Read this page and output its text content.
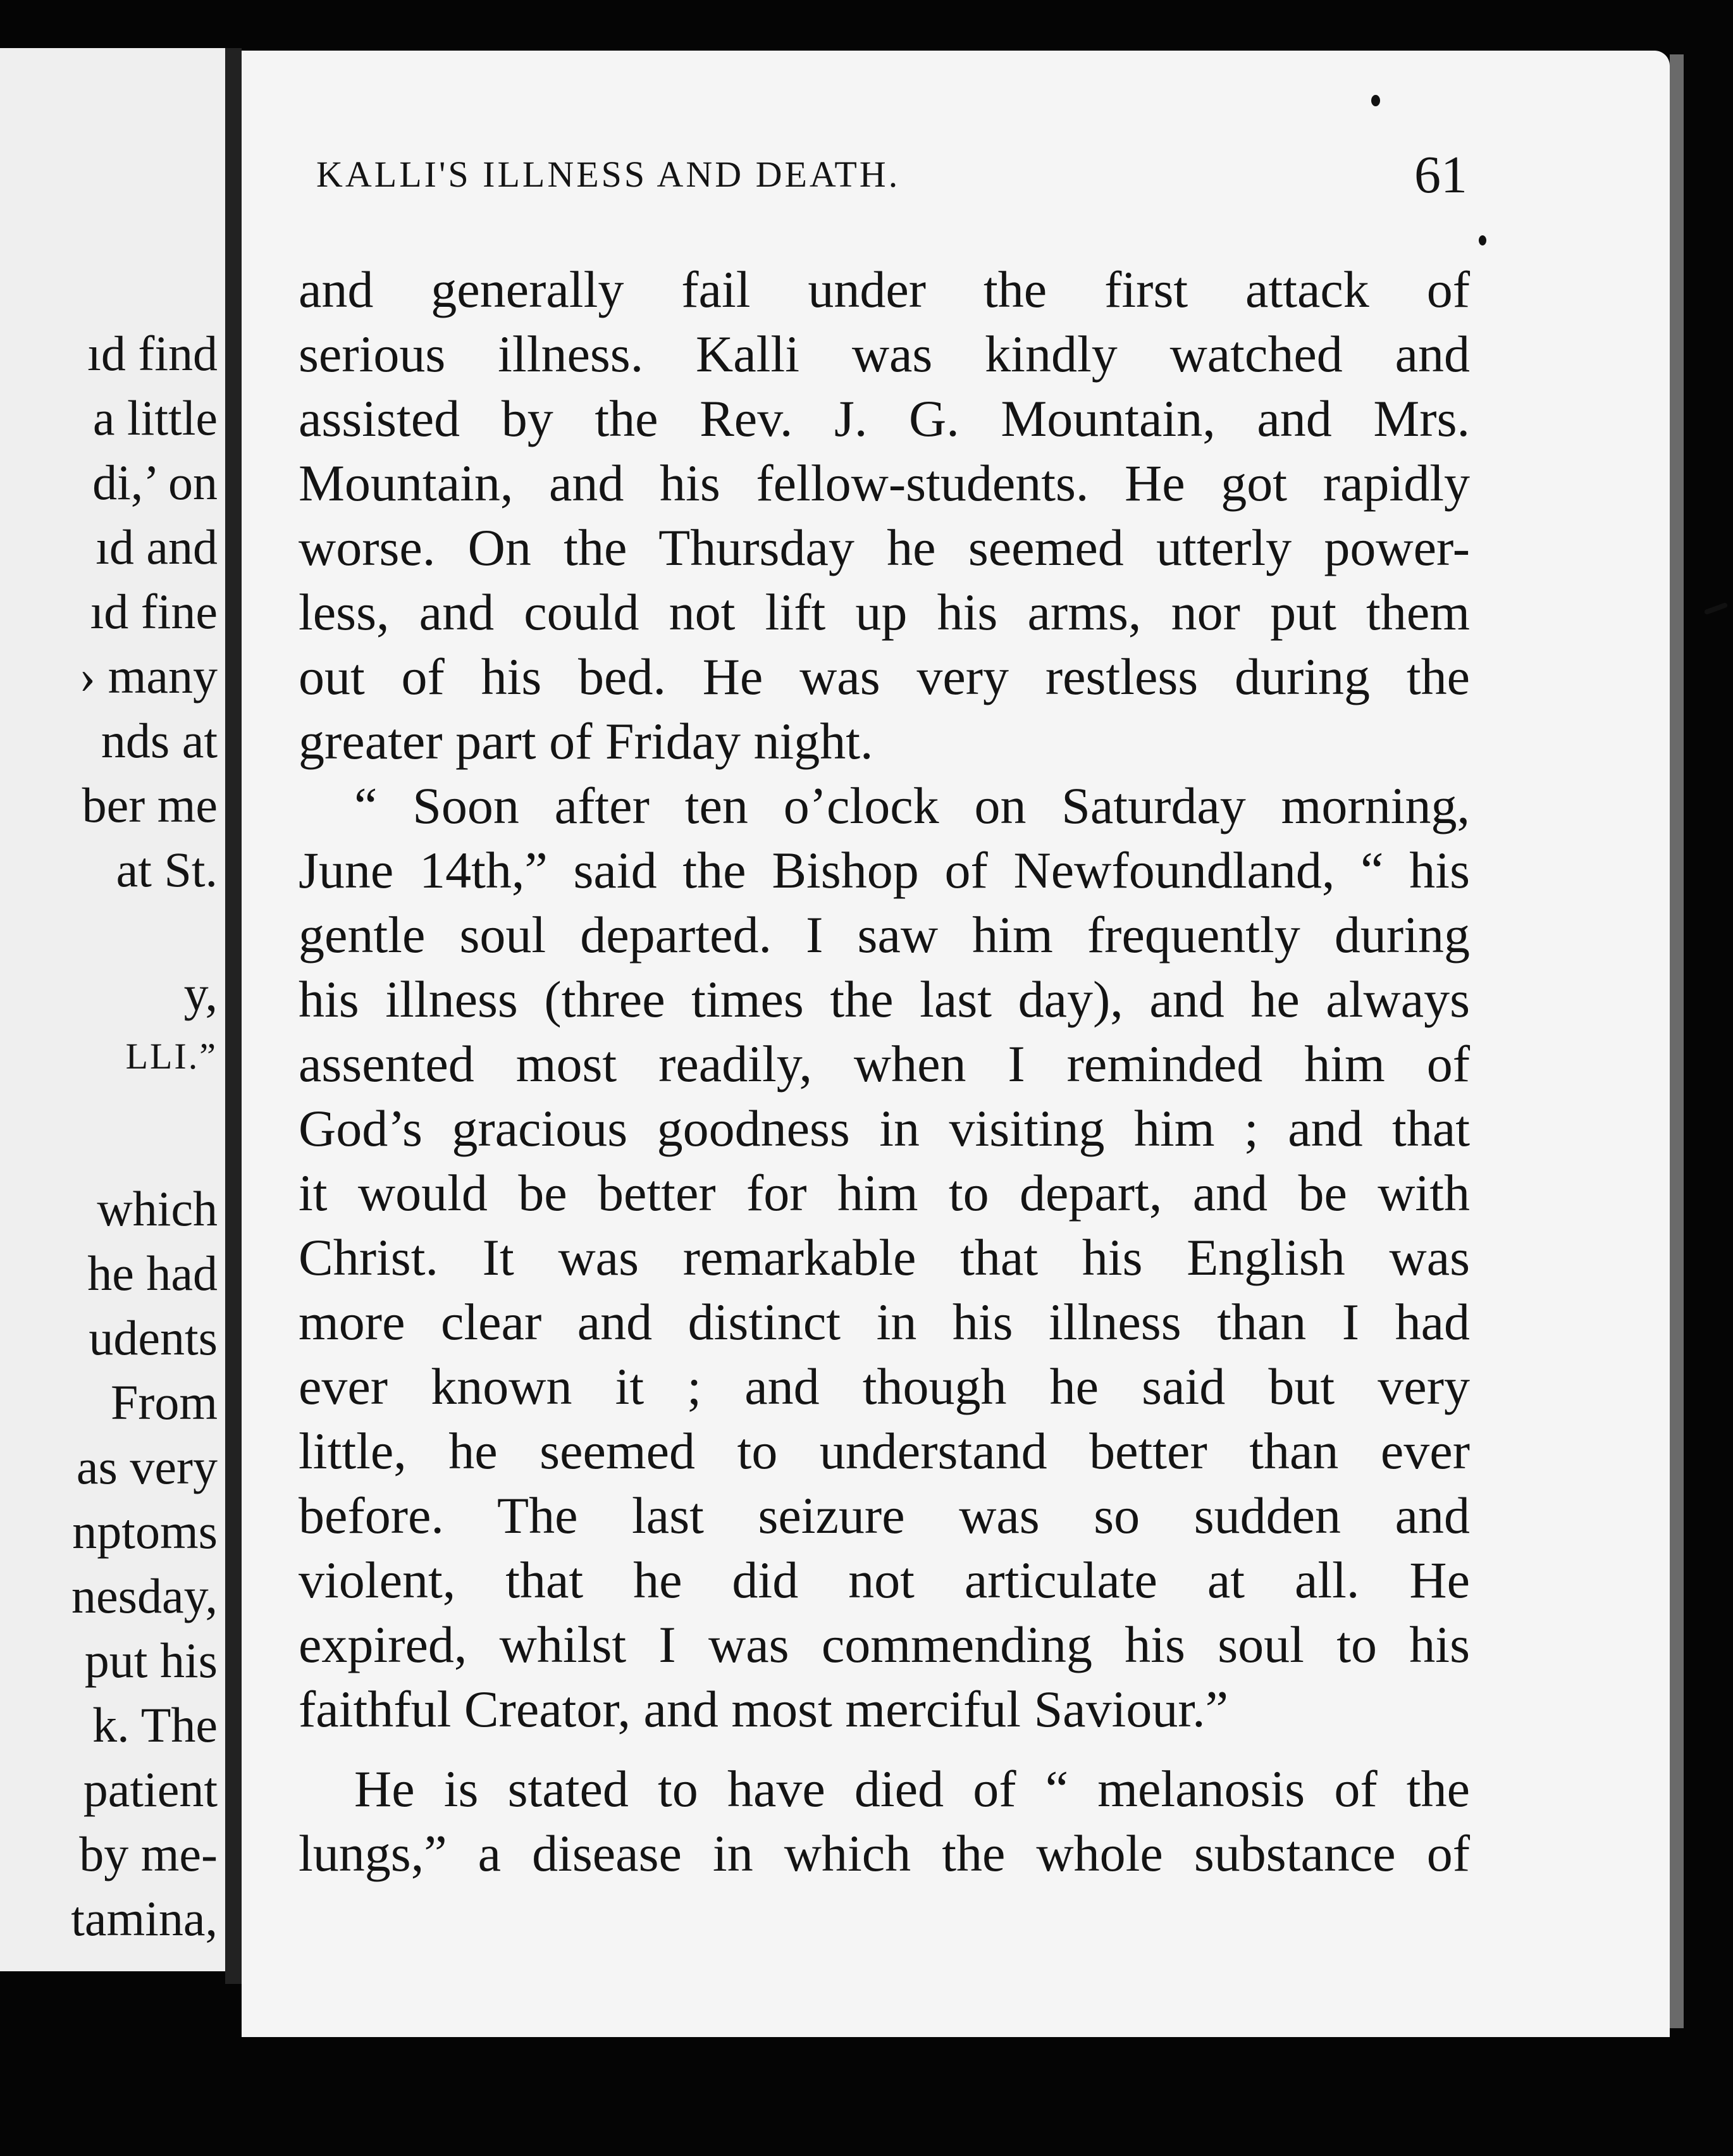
ıd find
a little
di,’ on
ıd and
ıd fine
› many
nds at
ber me
at St.
y,
LLI.”
which
he had
udents
From
as very
nptoms
nesday,
put his
k. The
patient
by me-
tamina,
KALLI'S ILLNESS AND DEATH.	61
and generally fail under the first attack of
serious illness. Kalli was kindly watched and
assisted by the Rev. J. G. Mountain, and Mrs.
Mountain, and his fellow-students. He got rapidly
worse. On the Thursday he seemed utterly power-
less, and could not lift up his arms, nor put them
out of his bed. He was very restless during the
greater part of Friday night.
“ Soon after ten o’clock on Saturday morning,
June 14th,” said the Bishop of Newfoundland, “ his
gentle soul departed. I saw him frequently during
his illness (three times the last day), and he always
assented most readily, when I reminded him of
God’s gracious goodness in visiting him ; and that
it would be better for him to depart, and be with
Christ. It was remarkable that his English was
more clear and distinct in his illness than I had
ever known it ; and though he said but very
little, he seemed to understand better than ever
before. The last seizure was so sudden and
violent, that he did not articulate at all. He
expired, whilst I was commending his soul to his
faithful Creator, and most merciful Saviour.”
He is stated to have died of “ melanosis of the
lungs,” a disease in which the whole substance of
